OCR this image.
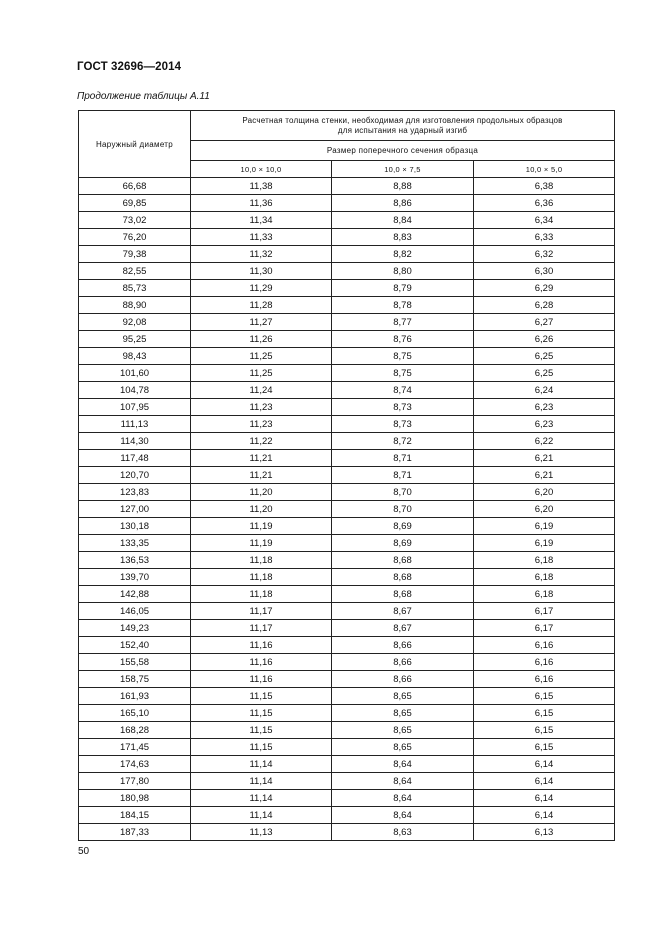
ГОСТ 32696—2014
Продолжение таблицы А.11
Наружный диаметр	Расчетная толщина стенки, необходимая для изготовления продольных образцов
для испытания на ударный изгиб		
	Размер поперечного сечения образца		
	10,0 × 10,0	10,0 × 7,5	10,0 × 5,0
66,68	11,38	8,88	6,38
69,85	11,36	8,86	6,36
73,02	11,34	8,84	6,34
76,20	11,33	8,83	6,33
79,38	11,32	8,82	6,32
82,55	11,30	8,80	6,30
85,73	11,29	8,79	6,29
88,90	11,28	8,78	6,28
92,08	11,27	8,77	6,27
95,25	11,26	8,76	6,26
98,43	11,25	8,75	6,25
101,60	11,25	8,75	6,25
104,78	11,24	8,74	6,24
107,95	11,23	8,73	6,23
111,13	11,23	8,73	6,23
114,30	11,22	8,72	6,22
117,48	11,21	8,71	6,21
120,70	11,21	8,71	6,21
123,83	11,20	8,70	6,20
127,00	11,20	8,70	6,20
130,18	11,19	8,69	6,19
133,35	11,19	8,69	6,19
136,53	11,18	8,68	6,18
139,70	11,18	8,68	6,18
142,88	11,18	8,68	6,18
146,05	11,17	8,67	6,17
149,23	11,17	8,67	6,17
152,40	11,16	8,66	6,16
155,58	11,16	8,66	6,16
158,75	11,16	8,66	6,16
161,93	11,15	8,65	6,15
165,10	11,15	8,65	6,15
168,28	11,15	8,65	6,15
171,45	11,15	8,65	6,15
174,63	11,14	8,64	6,14
177,80	11,14	8,64	6,14
180,98	11,14	8,64	6,14
184,15	11,14	8,64	6,14
187,33	11,13	8,63	6,13
50
